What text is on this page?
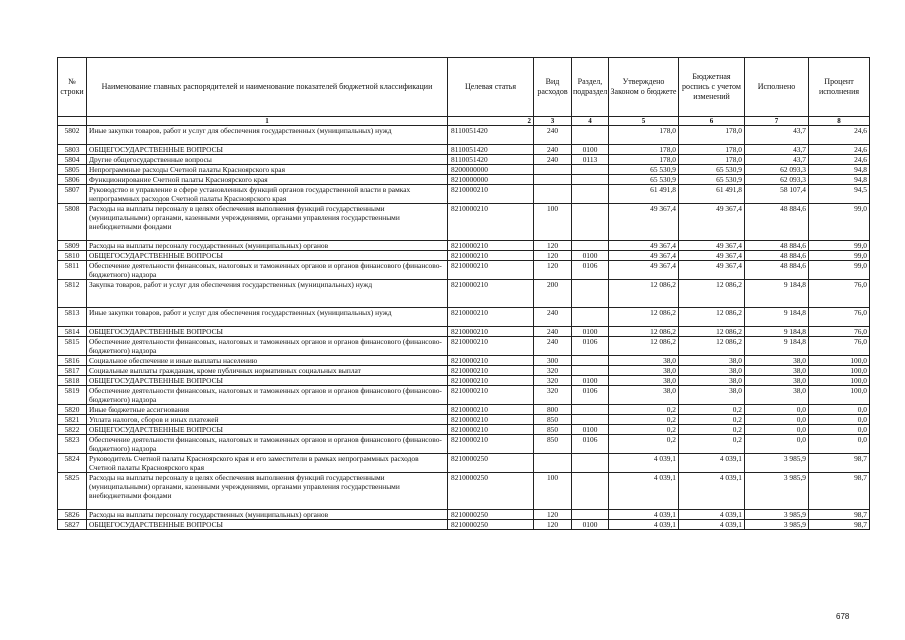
№ строки	Наименование главных распорядителей и наименование показателей бюджетной классификации	Целевая статья	Вид расходов	Раздел, подраздел	Утверждено Законом о бюджете	Бюджетная роспись с учетом изменений	Исполнено	Процент исполнения
	1	2	3	4	5	6	7	8
5802	Иные закупки товаров, работ и услуг для обеспечения государственных (муниципальных) нужд	8110051420	240		178,0	178,0	43,7	24,6
5803	ОБЩЕГОСУДАРСТВЕННЫЕ ВОПРОСЫ	8110051420	240	0100	178,0	178,0	43,7	24,6
5804	Другие общегосударственные вопросы	8110051420	240	0113	178,0	178,0	43,7	24,6
5805	Непрограммные расходы Счетной палаты Красноярского края	8200000000			65 530,9	65 530,9	62 093,3	94,8
5806	Функционирование Счетной палаты Красноярского края	8210000000			65 530,9	65 530,9	62 093,3	94,8
5807	Руководство и управление в сфере установленных функций органов государственной власти в рамках непрограммных расходов Счетной палаты Красноярского края	8210000210			61 491,8	61 491,8	58 107,4	94,5
5808	Расходы на выплаты персоналу в целях обеспечения выполнения функций государственными (муниципальными) органами, казенными учреждениями, органами управления государственными внебюджетными фондами	8210000210	100		49 367,4	49 367,4	48 884,6	99,0
5809	Расходы на выплаты персоналу государственных (муниципальных) органов	8210000210	120		49 367,4	49 367,4	48 884,6	99,0
5810	ОБЩЕГОСУДАРСТВЕННЫЕ ВОПРОСЫ	8210000210	120	0100	49 367,4	49 367,4	48 884,6	99,0
5811	Обеспечение деятельности финансовых, налоговых и таможенных органов и органов финансового (финансово-бюджетного) надзора	8210000210	120	0106	49 367,4	49 367,4	48 884,6	99,0
5812	Закупка товаров, работ и услуг для обеспечения государственных (муниципальных) нужд	8210000210	200		12 086,2	12 086,2	9 184,8	76,0
5813	Иные закупки товаров, работ и услуг для обеспечения государственных (муниципальных) нужд	8210000210	240		12 086,2	12 086,2	9 184,8	76,0
5814	ОБЩЕГОСУДАРСТВЕННЫЕ ВОПРОСЫ	8210000210	240	0100	12 086,2	12 086,2	9 184,8	76,0
5815	Обеспечение деятельности финансовых, налоговых и таможенных органов и органов финансового (финансово-бюджетного) надзора	8210000210	240	0106	12 086,2	12 086,2	9 184,8	76,0
5816	Социальное обеспечение и иные выплаты населению	8210000210	300		38,0	38,0	38,0	100,0
5817	Социальные выплаты гражданам, кроме публичных нормативных социальных выплат	8210000210	320		38,0	38,0	38,0	100,0
5818	ОБЩЕГОСУДАРСТВЕННЫЕ ВОПРОСЫ	8210000210	320	0100	38,0	38,0	38,0	100,0
5819	Обеспечение деятельности финансовых, налоговых и таможенных органов и органов финансового (финансово-бюджетного) надзора	8210000210	320	0106	38,0	38,0	38,0	100,0
5820	Иные бюджетные ассигнования	8210000210	800		0,2	0,2	0,0	0,0
5821	Уплата налогов, сборов и иных платежей	8210000210	850		0,2	0,2	0,0	0,0
5822	ОБЩЕГОСУДАРСТВЕННЫЕ ВОПРОСЫ	8210000210	850	0100	0,2	0,2	0,0	0,0
5823	Обеспечение деятельности финансовых, налоговых и таможенных органов и органов финансового (финансово-бюджетного) надзора	8210000210	850	0106	0,2	0,2	0,0	0,0
5824	Руководитель Счетной палаты Красноярского края и его заместители в рамках непрограммных расходов Счетной палаты Красноярского края	8210000250			4 039,1	4 039,1	3 985,9	98,7
5825	Расходы на выплаты персоналу в целях обеспечения выполнения функций государственными (муниципальными) органами, казенными учреждениями, органами управления государственными внебюджетными фондами	8210000250	100		4 039,1	4 039,1	3 985,9	98,7
5826	Расходы на выплаты персоналу государственных (муниципальных) органов	8210000250	120		4 039,1	4 039,1	3 985,9	98,7
5827	ОБЩЕГОСУДАРСТВЕННЫЕ ВОПРОСЫ	8210000250	120	0100	4 039,1	4 039,1	3 985,9	98,7
678
